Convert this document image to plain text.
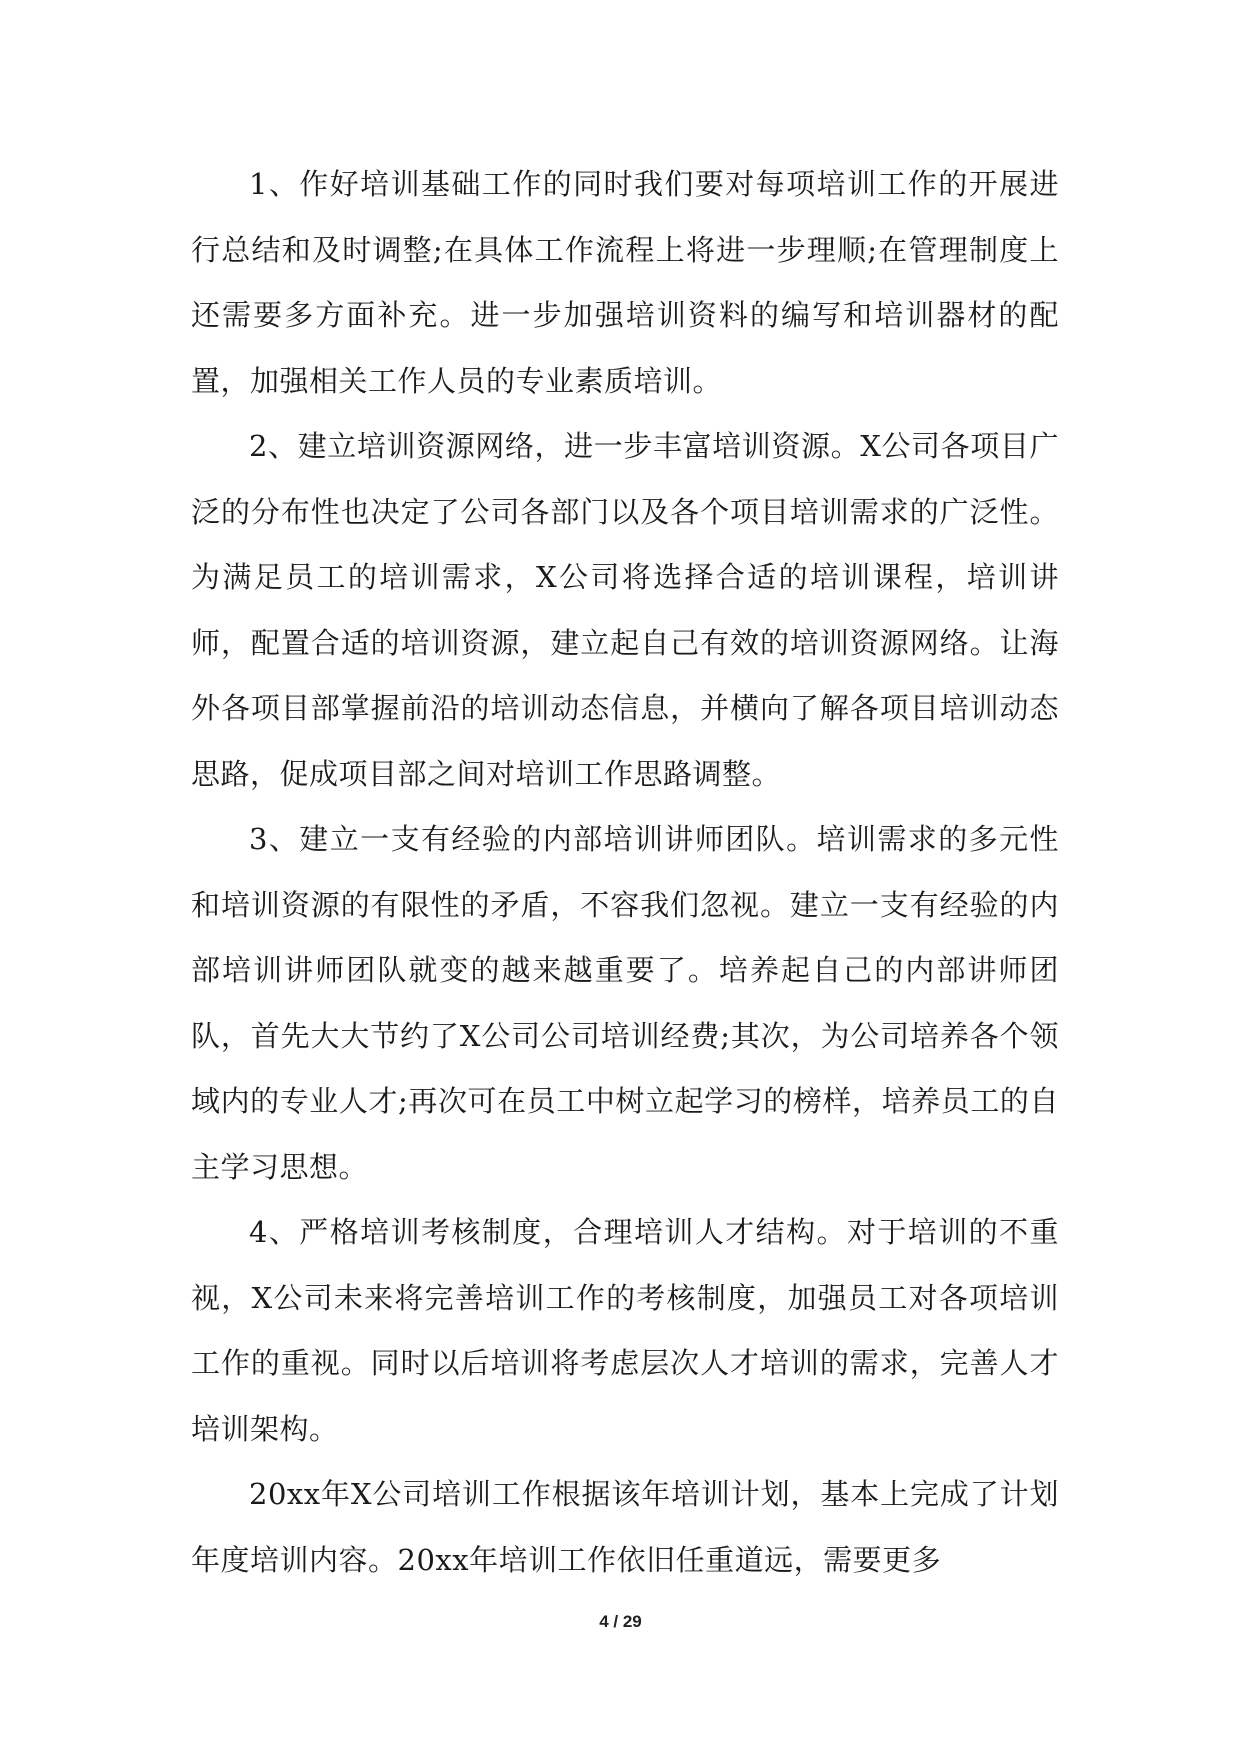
1、作好培训基础工作的同时我们要对每项培训工作的开展进行总结和及时调整;在具体工作流程上将进一步理顺;在管理制度上还需要多方面补充。进一步加强培训资料的编写和培训器材的配置，加强相关工作人员的专业素质培训。

2、建立培训资源网络，进一步丰富培训资源。X公司各项目广泛的分布性也决定了公司各部门以及各个项目培训需求的广泛性。为满足员工的培训需求，X公司将选择合适的培训课程，培训讲师，配置合适的培训资源，建立起自己有效的培训资源网络。让海外各项目部掌握前沿的培训动态信息，并横向了解各项目培训动态思路，促成项目部之间对培训工作思路调整。

3、建立一支有经验的内部培训讲师团队。培训需求的多元性和培训资源的有限性的矛盾，不容我们忽视。建立一支有经验的内部培训讲师团队就变的越来越重要了。培养起自己的内部讲师团队，首先大大节约了X公司公司培训经费;其次，为公司培养各个领域内的专业人才;再次可在员工中树立起学习的榜样，培养员工的自主学习思想。

4、严格培训考核制度，合理培训人才结构。对于培训的不重视，X公司未来将完善培训工作的考核制度，加强员工对各项培训工作的重视。同时以后培训将考虑层次人才培训的需求，完善人才培训架构。

20xx年X公司培训工作根据该年培训计划，基本上完成了计划年度培训内容。20xx年培训工作依旧任重道远，需要更多

4 / 29
